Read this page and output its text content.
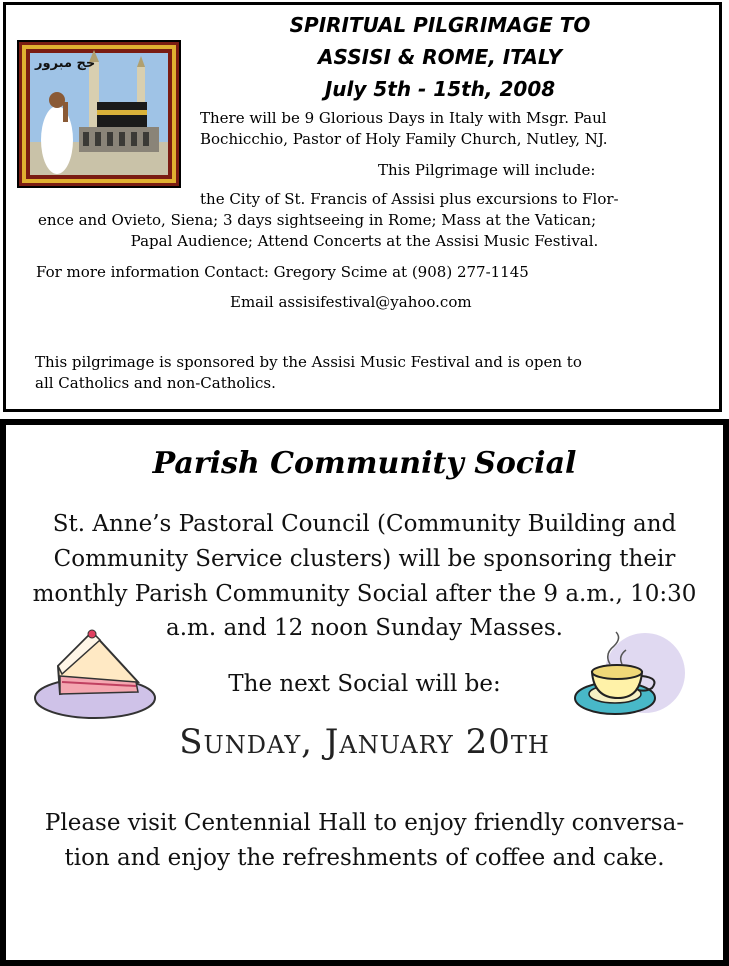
SPIRITUAL PILGRIMAGE TO
ASSISI & ROME, ITALY
July 5th - 15th, 2008
حج مبرور
There will be 9 Glorious Days in Italy with Msgr. Paul
Bochicchio, Pastor of Holy Family Church, Nutley, NJ.
This Pilgrimage will include:
the City of St. Francis of Assisi plus excursions to Flor-
ence and Ovieto, Siena; 3 days sightseeing in Rome; Mass at the Vatican;
Papal Audience; Attend Concerts at the Assisi Music Festival.
For more information Contact: Gregory Scime at (908) 277-1145
Email assisifestival@yahoo.com
This pilgrimage is sponsored by the Assisi Music Festival and is open to
all Catholics and non-Catholics.
Parish Community Social
St. Anne’s Pastoral Council (Community Building and
Community Service clusters) will be sponsoring their
monthly Parish Community Social after the 9 a.m., 10:30
a.m. and 12 noon Sunday Masses.
The next Social will be:
Sunday, January 20th
Please visit Centennial Hall to enjoy friendly conversa-
tion and enjoy the refreshments of coffee and cake.
